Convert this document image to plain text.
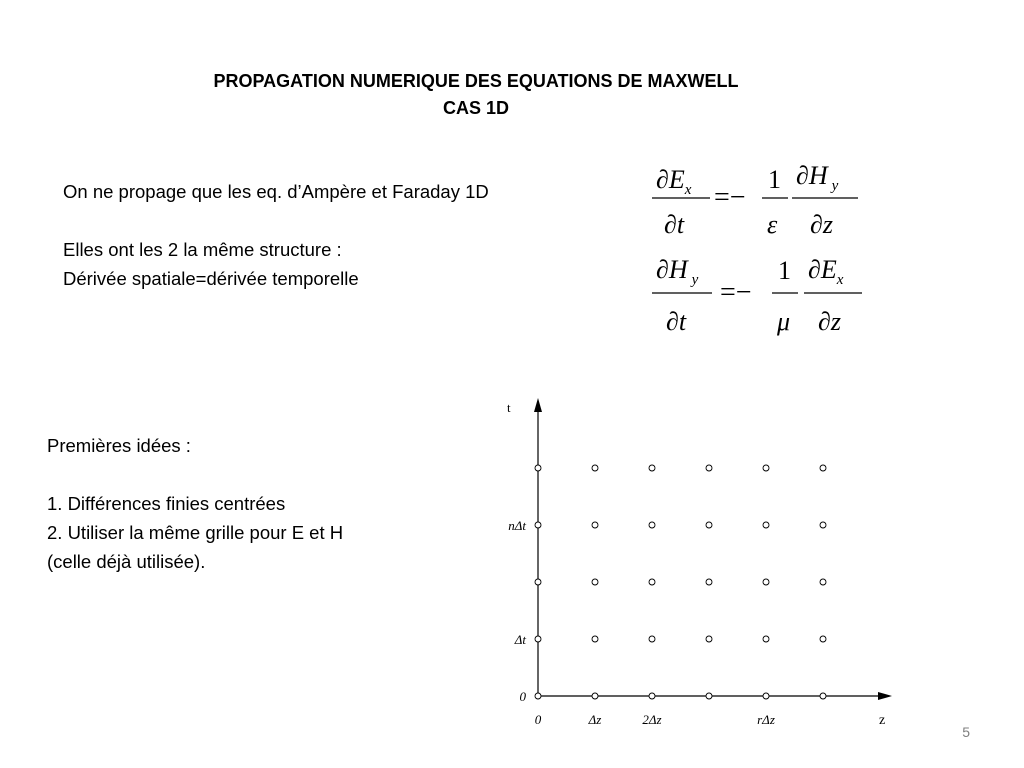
PROPAGATION NUMERIQUE DES EQUATIONS DE MAXWELL
CAS 1D
On ne propage que les eq. d’Ampère et Faraday 1D
Elles ont les 2 la même structure :
Dérivée spatiale=dérivée temporelle
Premières idées :
1. Différences finies centrées
2. Utiliser la même grille pour E et H
(celle déjà utilisée).
$\partial E_x$
∂t
=−
1
ε
∂H $_y$
∂z
∂H $_y$
∂t
=−
1
μ
$\partial E_x$
∂z
t
z
0
Δt
nΔt
0	Δz	2Δz	rΔz
5
